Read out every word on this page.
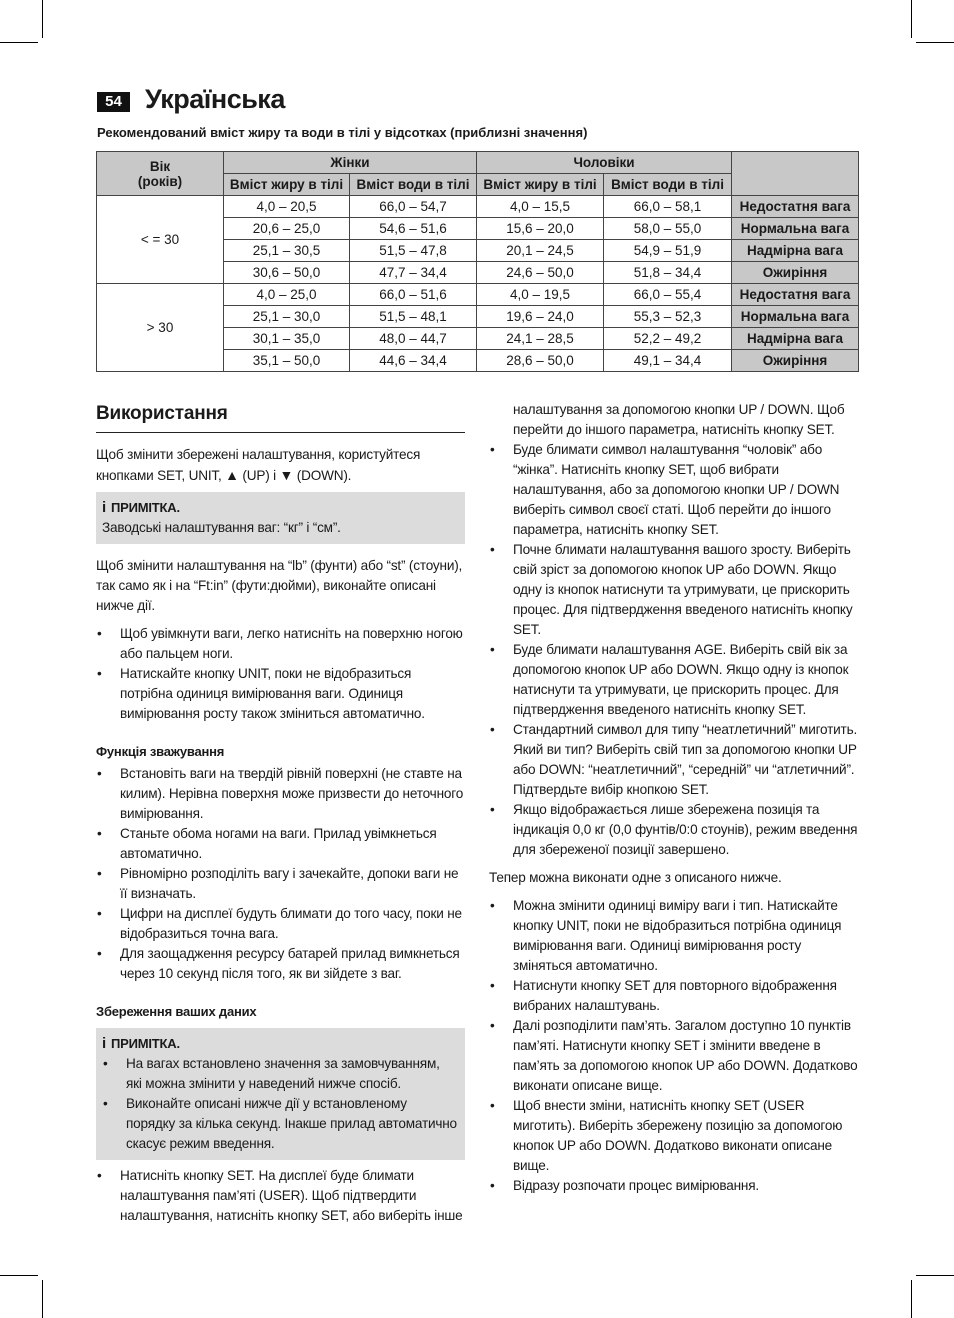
54 Українська
Рекомендований вміст жиру та води в тілі у відсотках (приблизні значення)
Вік
(років)	Жінки		Чоловіки		
	Вміст жиру в тілі	Вміст води в тілі	Вміст жиру в тілі	Вміст води в тілі	
< = 30	4,0 – 20,5	66,0 – 54,7	4,0 – 15,5	66,0 – 58,1	Недостатня вага
	20,6 – 25,0	54,6 – 51,6	15,6 – 20,0	58,0 – 55,0	Нормальна вага
	25,1 – 30,5	51,5 – 47,8	20,1 – 24,5	54,9 – 51,9	Надмірна вага
	30,6 – 50,0	47,7 – 34,4	24,6 – 50,0	51,8 – 34,4	Ожиріння
> 30	4,0 – 25,0	66,0 – 51,6	4,0 – 19,5	66,0 – 55,4	Недостатня вага
	25,1 – 30,0	51,5 – 48,1	19,6 – 24,0	55,3 – 52,3	Нормальна вага
	30,1 – 35,0	48,0 – 44,7	24,1 – 28,5	52,2 – 49,2	Надмірна вага
	35,1 – 50,0	44,6 – 34,4	28,6 – 50,0	49,1 – 34,4	Ожиріння
Використання

Щоб змінити збережені налаштування, користуйтеся кнопками SET, UNIT, ▲ (UP) і ▼ (DOWN).

i ПРИМІТКА.
Заводські налаштування ваг: “кг” і “см”.

Щоб змінити налаштування на “lb” (фунти) або “st” (стоуни), так само як і на “Ft:in” (фути:дюйми), виконайте описані нижче дії.

• Щоб увімкнути ваги, легко натисніть на поверхню ногою або пальцем ноги.
• Натискайте кнопку UNIT, поки не відобразиться потрібна одиниця вимірювання ваги. Одиниця вимірювання росту також зміниться автоматично.

Функція зважування

• Встановіть ваги на твердій рівній поверхні (не ставте на килим). Нерівна поверхня може призвести до неточного вимірювання.
• Станьте обома ногами на ваги. Прилад увімкнеться автоматично.
• Рівномірно розподіліть вагу і зачекайте, допоки ваги не її визначать.
• Цифри на дисплеї будуть блимати до того часу, поки не відобразиться точна вага.
• Для заощадження ресурсу батарей прилад вимкнеться через 10 секунд після того, як ви зійдете з ваг.

Збереження ваших даних

i ПРИМІТКА.
• На вагах встановлено значення за замовчуванням, які можна змінити у наведений нижче спосіб.
• Виконайте описані нижче дії у встановленому порядку за кілька секунд. Інакше прилад автоматично скасує режим введення.
• Натисніть кнопку SET. На дисплеї буде блимати налаштування пам’яті (USER). Щоб підтвердити налаштування, натисніть кнопку SET, або виберіть інше

налаштування за допомогою кнопки UP / DOWN. Щоб перейти до іншого параметра, натисніть кнопку SET.

• Буде блимати символ налаштування “чоловік” або “жінка”. Натисніть кнопку SET, щоб вибрати налаштування, або за допомогою кнопки UP / DOWN виберіть символ своєї статі. Щоб перейти до іншого параметра, натисніть кнопку SET.
• Почне блимати налаштування вашого зросту. Виберіть свій зріст за допомогою кнопок UP або DOWN. Якщо одну із кнопок натиснути та утримувати, це прискорить процес. Для підтвердження введеного натисніть кнопку SET.
• Буде блимати налаштування AGE. Виберіть свій вік за допомогою кнопок UP або DOWN. Якщо одну із кнопок натиснути та утримувати, це прискорить процес. Для підтвердження введеного натисніть кнопку SET.
• Стандартний символ для типу “неатлетичний” миготить. Який ви тип? Виберіть свій тип за допомогою кнопки UP або DOWN: “неатлетичний”, “середній” чи “атлетичний”. Підтвердьте вибір кнопкою SET.
• Якщо відображається лише збережена позиція та індикація 0,0 кг (0,0 фунтів/0:0 стоунів), режим введення для збереженої позиції завершено.

Тепер можна виконати одне з описаного нижче.

• Можна змінити одиниці виміру ваги і тип. Натискайте кнопку UNIT, поки не відобразиться потрібна одиниця вимірювання ваги. Одиниці вимірювання росту зміняться автоматично.
• Натиснути кнопку SET для повторного відображення вибраних налаштувань.
• Далі розподілити пам’ять. Загалом доступно 10 пунктів пам’яті. Натиснути кнопку SET і змінити введене в пам’ять за допомогою кнопок UP або DOWN. Додатково виконати описане вище.
• Щоб внести зміни, натисніть кнопку SET (USER миготить). Виберіть збережену позицію за допомогою кнопок UP або DOWN. Додатково виконати описане вище.
• Відразу розпочати процес вимірювання.
